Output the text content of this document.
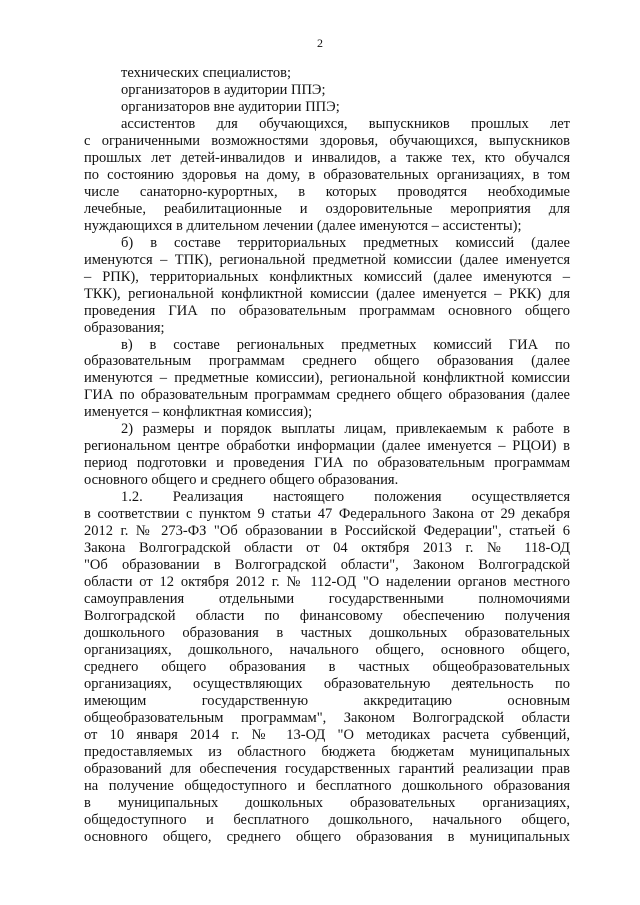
2
технических специалистов;
организаторов в аудитории ППЭ;
организаторов вне аудитории ППЭ;
ассистентов для обучающихся, выпускников прошлых лет
с ограниченными возможностями здоровья, обучающихся, выпускников
прошлых лет детей-инвалидов и инвалидов, а также тех, кто обучался
по состоянию здоровья на дому, в образовательных организациях, в том
числе санаторно-курортных, в которых проводятся необходимые
лечебные, реабилитационные и оздоровительные мероприятия для
нуждающихся в длительном лечении (далее именуются – ассистенты);
б) в составе территориальных предметных комиссий (далее
именуются – ТПК), региональной предметной комиссии (далее именуется
– РПК), территориальных конфликтных комиссий (далее именуются –
ТКК), региональной конфликтной комиссии (далее именуется – РКК) для
проведения ГИА по образовательным программам основного общего
образования;
в) в составе региональных предметных комиссий ГИА по
образовательным программам среднего общего образования (далее
именуются – предметные комиссии), региональной конфликтной комиссии
ГИА по образовательным программам среднего общего образования (далее
именуется – конфликтная комиссия);
2) размеры и порядок выплаты лицам, привлекаемым к работе в
региональном центре обработки информации (далее именуется – РЦОИ) в
период подготовки и проведения ГИА по образовательным программам
основного общего и среднего общего образования.
1.2. Реализация настоящего положения осуществляется
в соответствии с пунктом 9 статьи 47 Федерального Закона от 29 декабря
2012 г. № 273-ФЗ "Об образовании в Российской Федерации", статьей 6
Закона Волгоградской области от 04 октября 2013 г. № 118-ОД
"Об образовании в Волгоградской области", Законом Волгоградской
области от 12 октября 2012 г. № 112-ОД "О наделении органов местного
самоуправления отдельными государственными полномочиями
Волгоградской области по финансовому обеспечению получения
дошкольного образования в частных дошкольных образовательных
организациях, дошкольного, начального общего, основного общего,
среднего общего образования в частных общеобразовательных
организациях, осуществляющих образовательную деятельность по
имеющим государственную аккредитацию основным
общеобразовательным программам", Законом Волгоградской области
от 10 января 2014 г. № 13-ОД "О методиках расчета субвенций,
предоставляемых из областного бюджета бюджетам муниципальных
образований для обеспечения государственных гарантий реализации прав
на получение общедоступного и бесплатного дошкольного образования
в муниципальных дошкольных образовательных организациях,
общедоступного и бесплатного дошкольного, начального общего,
основного общего, среднего общего образования в муниципальных
